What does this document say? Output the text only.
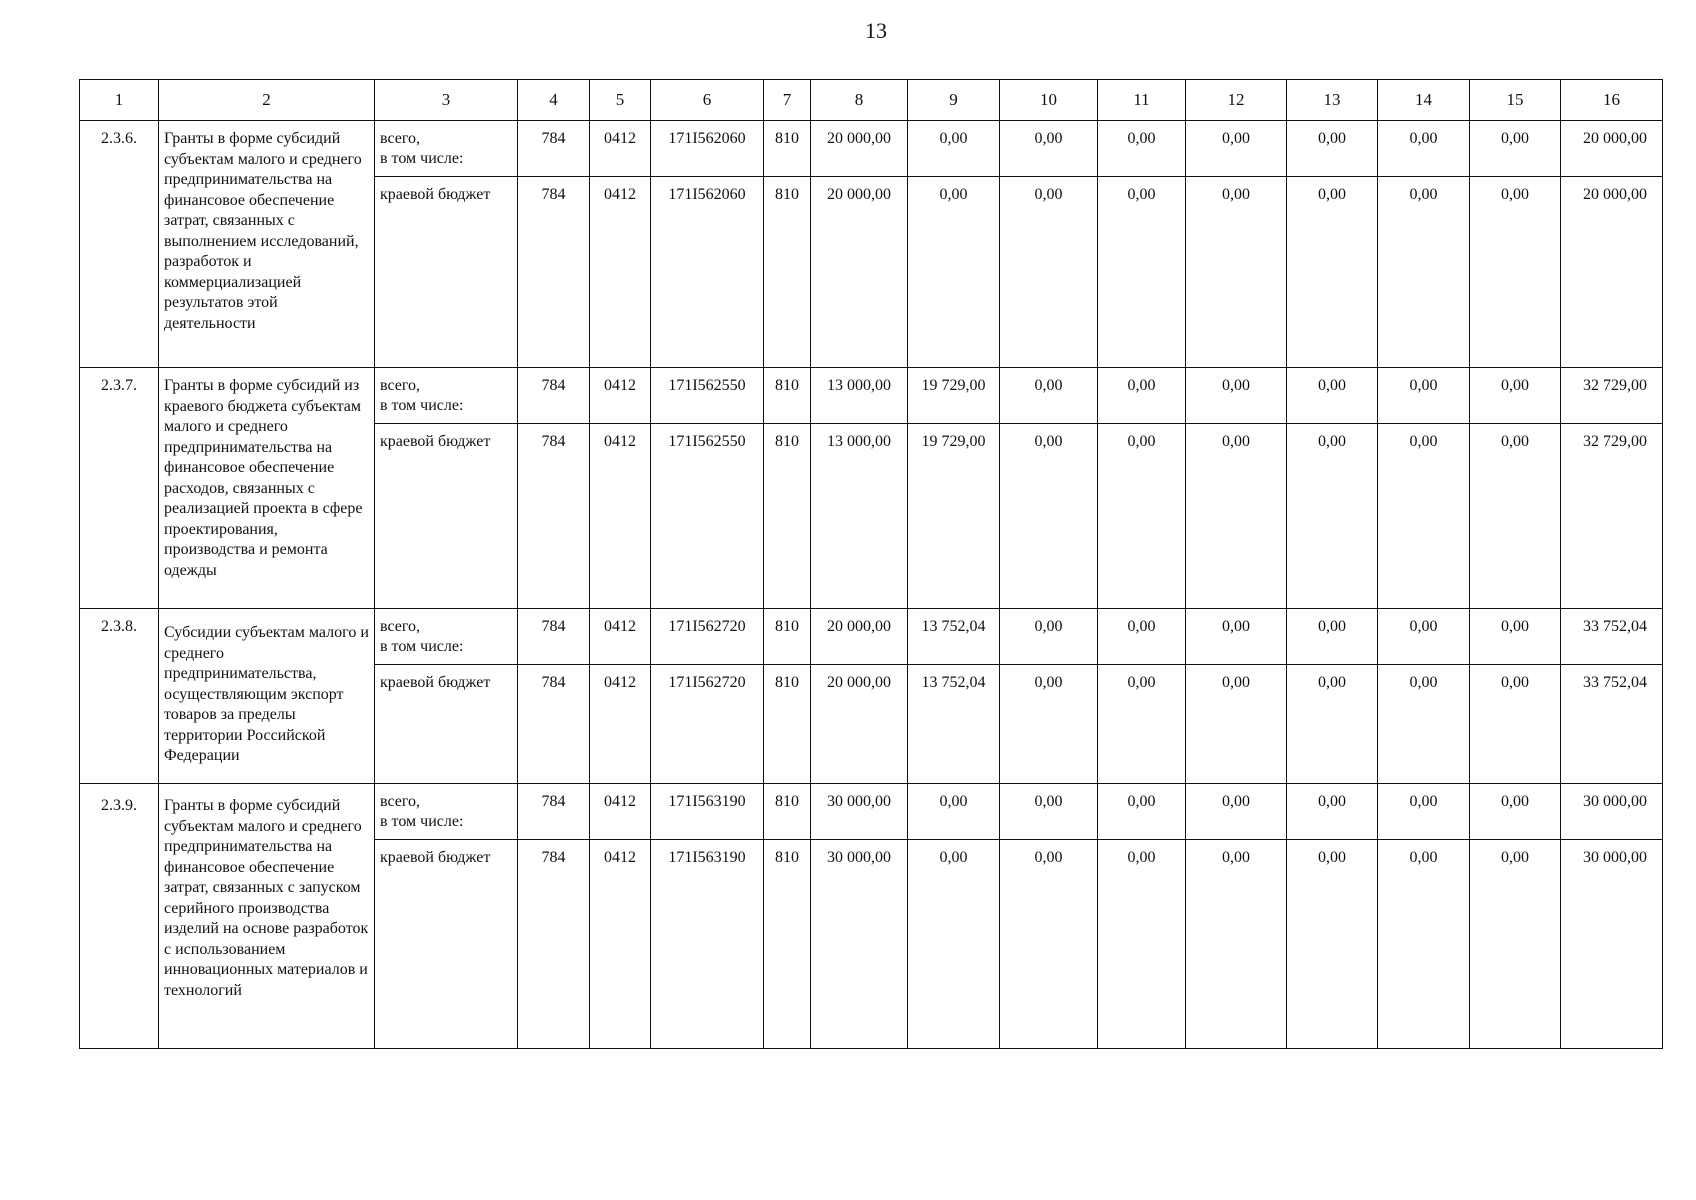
13
1	2	3	4	5	6	7	8	9	10	11	12	13	14	15	16
2.3.6.	Гранты в форме субсидий субъектам малого и среднего предпринимательства на финансовое обеспечение затрат, связанных с выполнением исследований, разработок и коммерциализацией результатов этой деятельности	всего,
в том числе:	784	0412	171I562060	810	20 000,00	0,00	0,00	0,00	0,00	0,00	0,00	0,00	20 000,00
		краевой бюджет	784	0412	171I562060	810	20 000,00	0,00	0,00	0,00	0,00	0,00	0,00	0,00	20 000,00
2.3.7.	Гранты в форме субсидий из краевого бюджета субъектам малого и среднего предпринимательства на финансовое обеспечение расходов, связанных с реализацией проекта в сфере проектирования, производства и ремонта одежды	всего,
в том числе:	784	0412	171I562550	810	13 000,00	19 729,00	0,00	0,00	0,00	0,00	0,00	0,00	32 729,00
		краевой бюджет	784	0412	171I562550	810	13 000,00	19 729,00	0,00	0,00	0,00	0,00	0,00	0,00	32 729,00
2.3.8.	Субсидии субъектам малого и среднего предпринимательства, осуществляющим экспорт товаров за пределы территории Российской Федерации	всего,
в том числе:	784	0412	171I562720	810	20 000,00	13 752,04	0,00	0,00	0,00	0,00	0,00	0,00	33 752,04
		краевой бюджет	784	0412	171I562720	810	20 000,00	13 752,04	0,00	0,00	0,00	0,00	0,00	0,00	33 752,04
2.3.9.	Гранты в форме субсидий субъектам малого и среднего предпринимательства на финансовое обеспечение затрат, связанных с запуском серийного производства изделий на основе разработок с использованием инновационных материалов и технологий	всего,
в том числе:	784	0412	171I563190	810	30 000,00	0,00	0,00	0,00	0,00	0,00	0,00	0,00	30 000,00
		краевой бюджет	784	0412	171I563190	810	30 000,00	0,00	0,00	0,00	0,00	0,00	0,00	0,00	30 000,00
